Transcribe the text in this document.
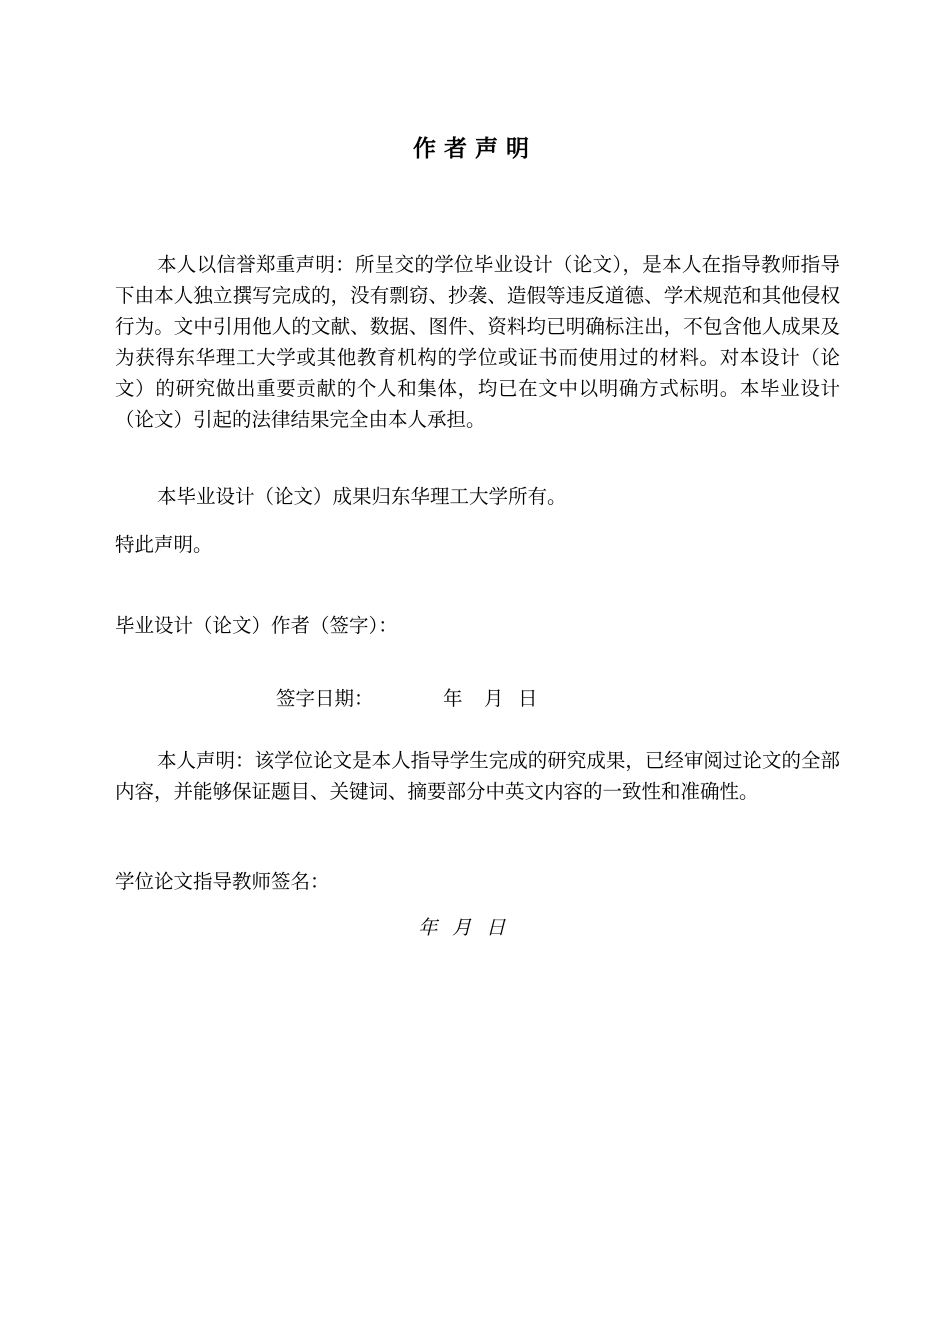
作者声明

本人以信誉郑重声明：所呈交的学位毕业设计（论文），是本人在指导教师指导下由本人独立撰写完成的，没有剽窃、抄袭、造假等违反道德、学术规范和其他侵权行为。文中引用他人的文献、数据、图件、资料均已明确标注出，不包含他人成果及为获得东华理工大学或其他教育机构的学位或证书而使用过的材料。对本设计（论文）的研究做出重要贡献的个人和集体，均已在文中以明确方式标明。本毕业设计（论文）引起的法律结果完全由本人承担。

本毕业设计（论文）成果归东华理工大学所有。

特此声明。

毕业设计（论文）作者（签字）：

签字日期：	年 月 日

本人声明：该学位论文是本人指导学生完成的研究成果，已经审阅过论文的全部内容，并能够保证题目、关键词、摘要部分中英文内容的一致性和准确性。

学位论文指导教师签名：

年 月 日
